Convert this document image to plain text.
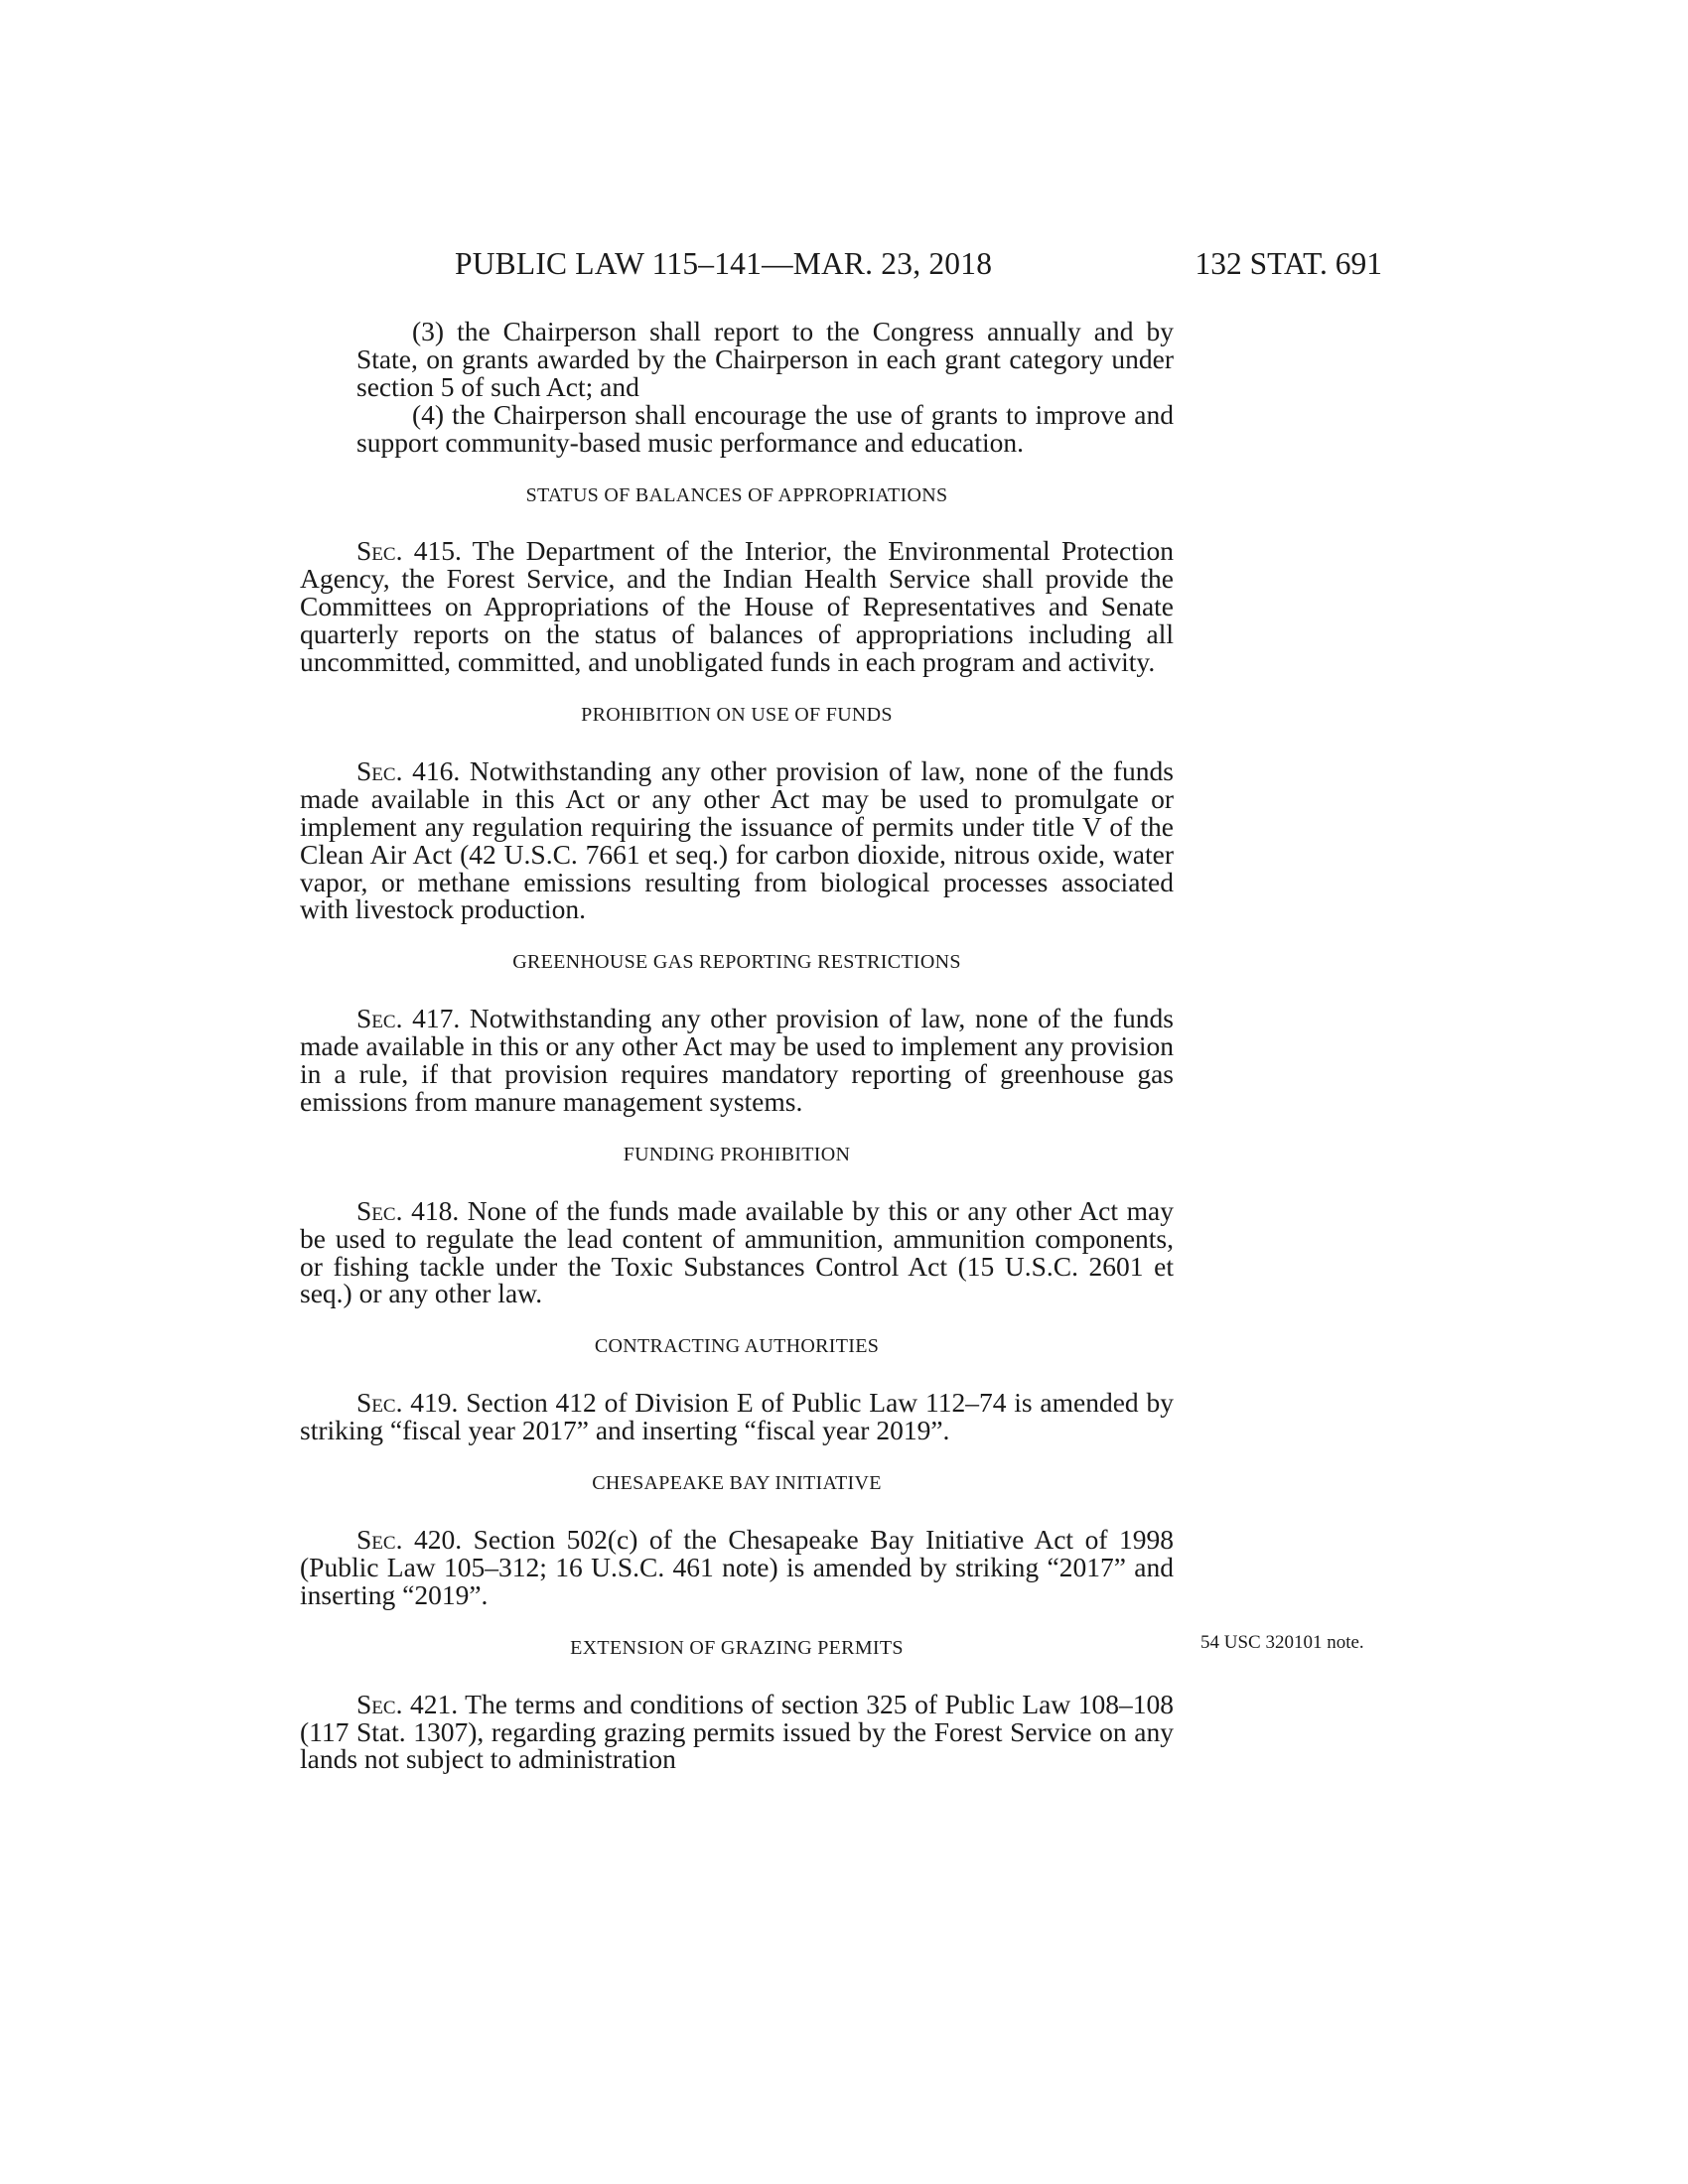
PUBLIC LAW 115–141—MAR. 23, 2018	132 STAT. 691

(3) the Chairperson shall report to the Congress annually and by State, on grants awarded by the Chairperson in each grant category under section 5 of such Act; and

(4) the Chairperson shall encourage the use of grants to improve and support community-based music performance and education.

STATUS OF BALANCES OF APPROPRIATIONS

Sec. 415. The Department of the Interior, the Environmental Protection Agency, the Forest Service, and the Indian Health Service shall provide the Committees on Appropriations of the House of Representatives and Senate quarterly reports on the status of balances of appropriations including all uncommitted, committed, and unobligated funds in each program and activity.

PROHIBITION ON USE OF FUNDS

Sec. 416. Notwithstanding any other provision of law, none of the funds made available in this Act or any other Act may be used to promulgate or implement any regulation requiring the issuance of permits under title V of the Clean Air Act (42 U.S.C. 7661 et seq.) for carbon dioxide, nitrous oxide, water vapor, or methane emissions resulting from biological processes associated with livestock production.

GREENHOUSE GAS REPORTING RESTRICTIONS

Sec. 417. Notwithstanding any other provision of law, none of the funds made available in this or any other Act may be used to implement any provision in a rule, if that provision requires mandatory reporting of greenhouse gas emissions from manure management systems.

FUNDING PROHIBITION

Sec. 418. None of the funds made available by this or any other Act may be used to regulate the lead content of ammunition, ammunition components, or fishing tackle under the Toxic Substances Control Act (15 U.S.C. 2601 et seq.) or any other law.

CONTRACTING AUTHORITIES

Sec. 419. Section 412 of Division E of Public Law 112–74 is amended by striking “fiscal year 2017” and inserting “fiscal year 2019”.

CHESAPEAKE BAY INITIATIVE

Sec. 420. Section 502(c) of the Chesapeake Bay Initiative Act of 1998 (Public Law 105–312; 16 U.S.C. 461 note) is amended by striking “2017” and inserting “2019”.

EXTENSION OF GRAZING PERMITS

Sec. 421. The terms and conditions of section 325 of Public Law 108–108 (117 Stat. 1307), regarding grazing permits issued by the Forest Service on any lands not subject to administration

54 USC 320101 note.
